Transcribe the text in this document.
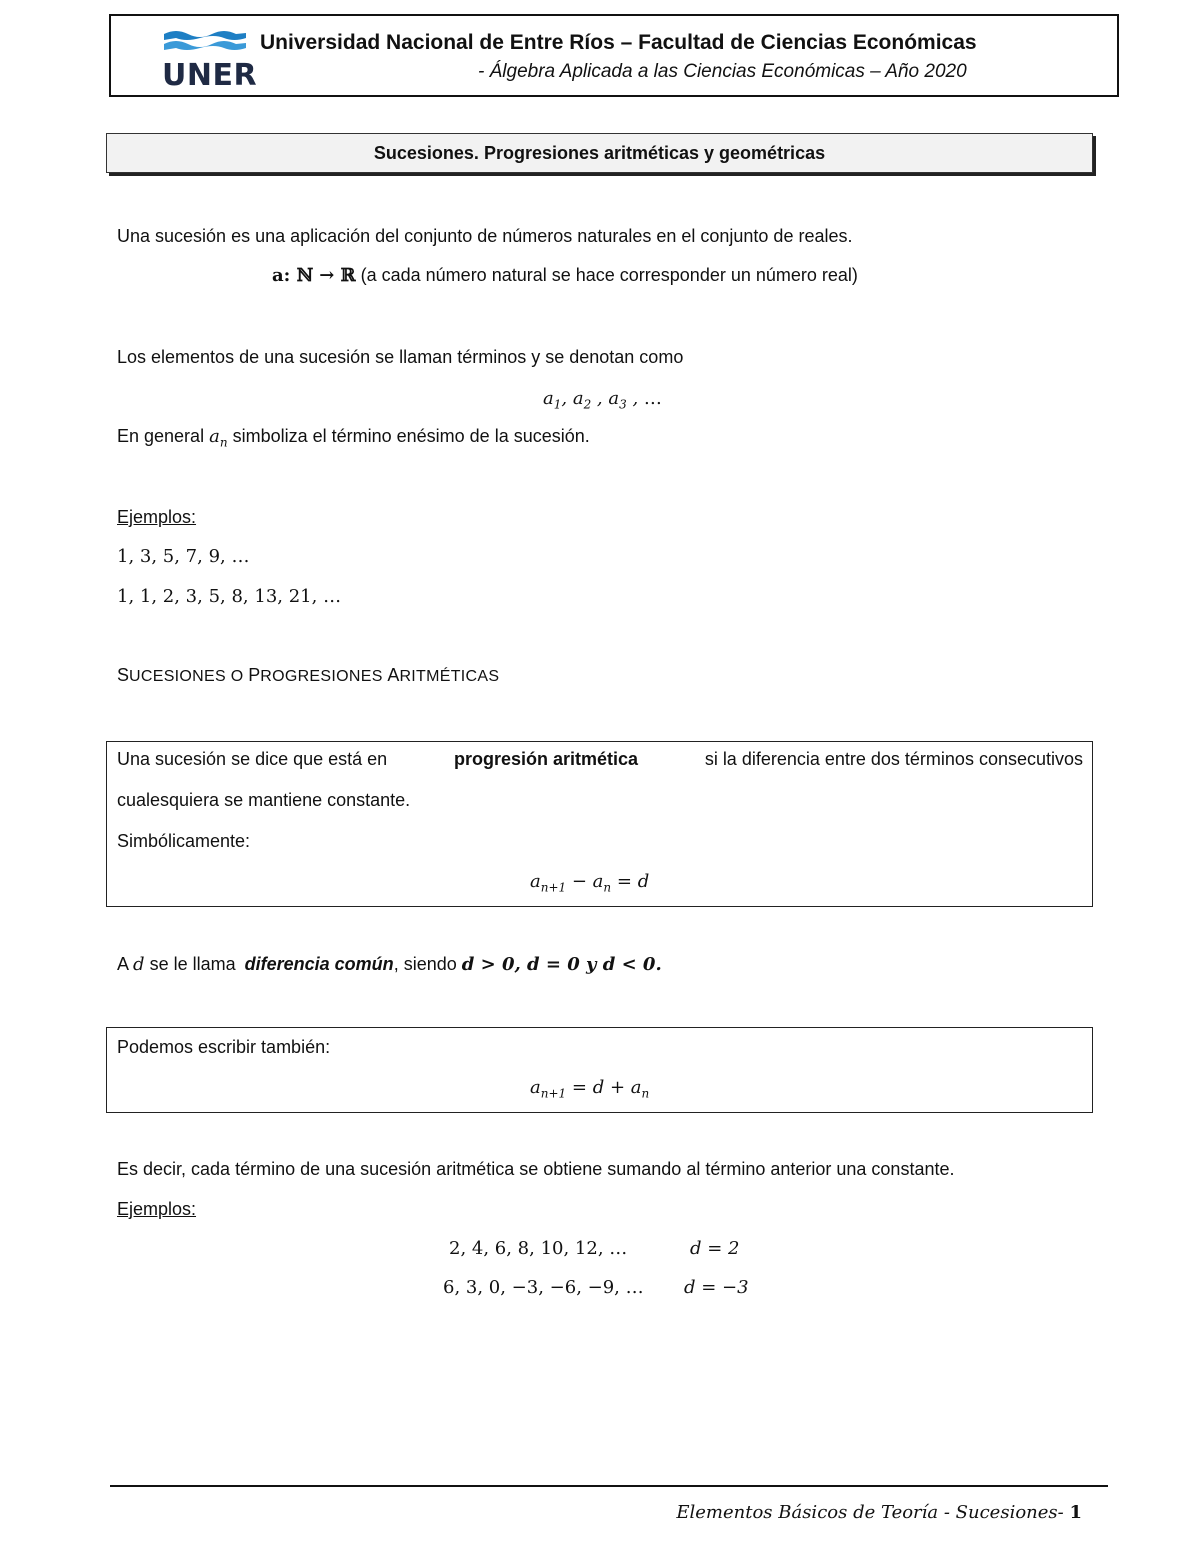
UNER
Universidad Nacional de Entre Ríos – Facultad de Ciencias Económicas
- Álgebra Aplicada a las Ciencias Económicas – Año 2020
Sucesiones. Progresiones aritméticas y geométricas
Una sucesión es una aplicación del conjunto de números naturales en el conjunto de reales.
a: ℕ → ℝ (a cada número natural se hace corresponder un número real)
Los elementos de una sucesión se llaman términos y se denotan como
$a_1$, $a_2$ , $a_3$ , …
En general $a_n$ simboliza el término enésimo de la sucesión.
Ejemplos:
1, 3, 5, 7, 9, …
1, 1, 2, 3, 5, 8, 13, 21, …
SUCESIONES O PROGRESIONES ARITMÉTICAS
Una sucesión se dice que está en	progresión aritmética	si la diferencia entre dos términos consecutivos
cualesquiera se mantiene constante.
Simbólicamente:
$a_{n+1} - a_n = d$
A d se le llama diferencia común, siendo d > 0, d = 0 y d < 0.
Podemos escribir también:
$a_{n+1} = d + a_n$
Es decir, cada término de una sucesión aritmética se obtiene sumando al término anterior una constante.
Ejemplos:
2, 4, 6, 8, 10, 12, …	d = 2
6, 3, 0, −3, −6, −9, … d = −3
Elementos Básicos de Teoría - Sucesiones- 1
